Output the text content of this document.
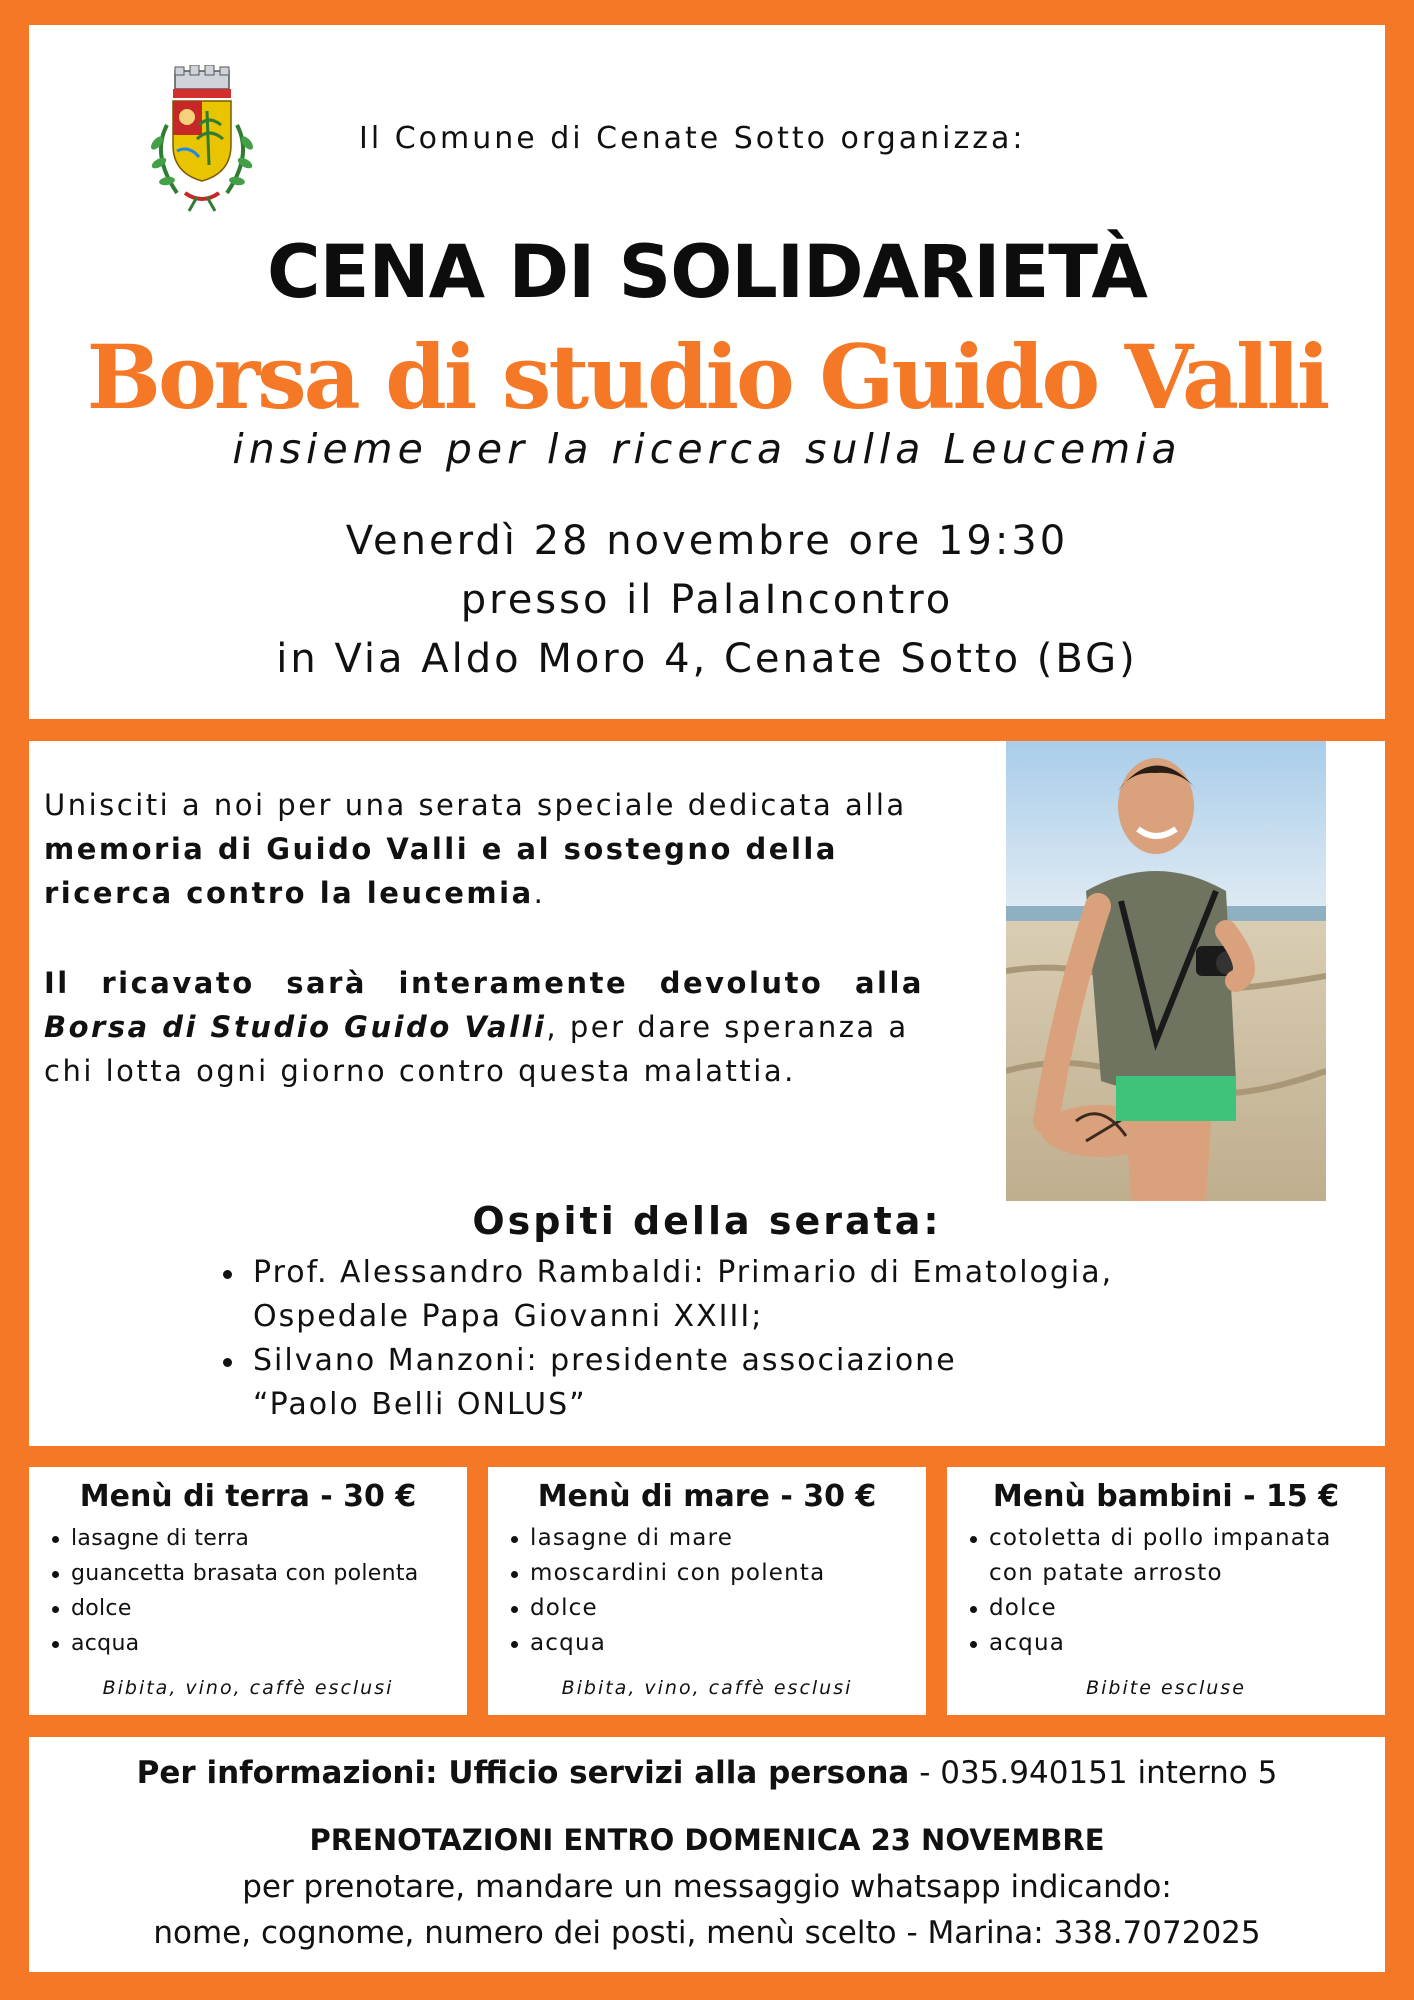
Il Comune di Cenate Sotto organizza:
CENA DI SOLIDARIETÀ
Borsa di studio Guido Valli
insieme per la ricerca sulla Leucemia
Venerdì 28 novembre ore 19:30
presso il PalaIncontro
in Via Aldo Moro 4, Cenate Sotto (BG)
Unisciti a noi per una serata speciale dedicata alla memoria di Guido Valli e al sostegno della ricerca contro la leucemia.
Il ricavato sarà interamente devoluto alla
Borsa di Studio Guido Valli, per dare speranza a chi lotta ogni giorno contro questa malattia.
Ospiti della serata:
Prof. Alessandro Rambaldi: Primario di Ematologia,
Ospedale Papa Giovanni XXIII;
Silvano Manzoni: presidente associazione
“Paolo Belli ONLUS”
Menù di terra - 30 €
lasagne di terra
guancetta brasata con polenta
dolce
acqua
Bibita, vino, caffè esclusi
Menù di mare - 30 €
lasagne di mare
moscardini con polenta
dolce
acqua
Bibita, vino, caffè esclusi
Menù bambini - 15 €
cotoletta di pollo impanata
con patate arrosto
dolce
acqua
Bibite escluse
Per informazioni: Ufficio servizi alla persona - 035.940151 interno 5
PRENOTAZIONI ENTRO DOMENICA 23 NOVEMBRE
per prenotare, mandare un messaggio whatsapp indicando:
nome, cognome, numero dei posti, menù scelto - Marina: 338.7072025
